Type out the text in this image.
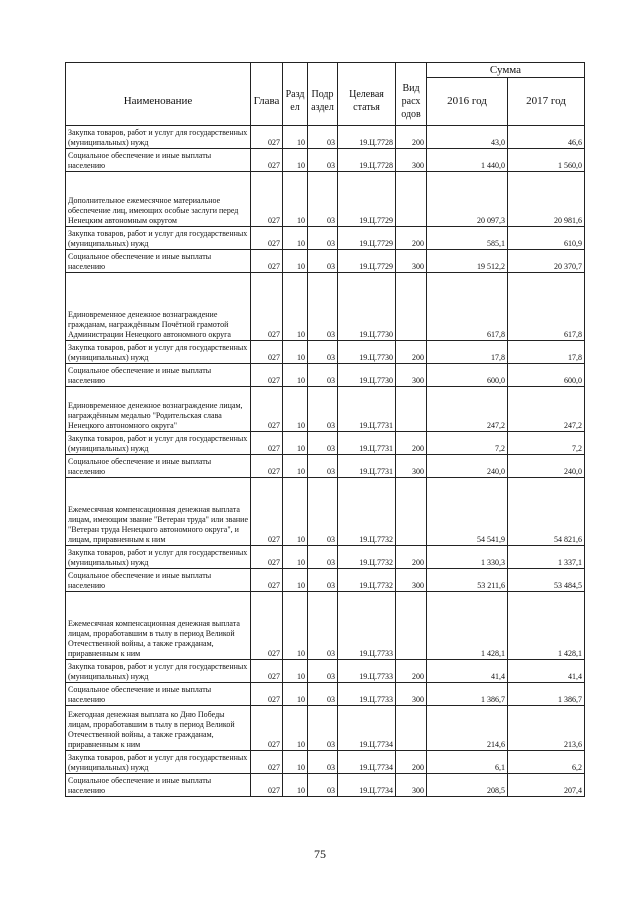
						Сумма	
Наименование	Глава	Разд ел	Подр аздел	Целевая статья	Вид расх одов	2016 год	2017 год
Закупка товаров, работ и услуг для государственных (муниципальных) нужд	027	10	03	19.Ц.7728	200	43,0	46,6
Социальное обеспечение и иные выплаты населению	027	10	03	19.Ц.7728	300	1 440,0	1 560,0
Дополнительное ежемесячное материальное обеспечение лиц, имеющих особые заслуги перед Ненецким автономным округом	027	10	03	19.Ц.7729		20 097,3	20 981,6
Закупка товаров, работ и услуг для государственных (муниципальных) нужд	027	10	03	19.Ц.7729	200	585,1	610,9
Социальное обеспечение и иные выплаты населению	027	10	03	19.Ц.7729	300	19 512,2	20 370,7
Единовременное денежное вознаграждение гражданам, награждённым Почётной грамотой Администрации Ненецкого автономного округа	027	10	03	19.Ц.7730		617,8	617,8
Закупка товаров, работ и услуг для государственных (муниципальных) нужд	027	10	03	19.Ц.7730	200	17,8	17,8
Социальное обеспечение и иные выплаты населению	027	10	03	19.Ц.7730	300	600,0	600,0
Единовременное денежное вознаграждение лицам, награждённым медалью "Родительская слава Ненецкого автономного округа"	027	10	03	19.Ц.7731		247,2	247,2
Закупка товаров, работ и услуг для государственных (муниципальных) нужд	027	10	03	19.Ц.7731	200	7,2	7,2
Социальное обеспечение и иные выплаты населению	027	10	03	19.Ц.7731	300	240,0	240,0
Ежемесячная компенсационная денежная выплата лицам, имеющим звание "Ветеран труда" или звание "Ветеран труда Ненецкого автономного округа", и лицам, приравненным к ним	027	10	03	19.Ц.7732		54 541,9	54 821,6
Закупка товаров, работ и услуг для государственных (муниципальных) нужд	027	10	03	19.Ц.7732	200	1 330,3	1 337,1
Социальное обеспечение и иные выплаты населению	027	10	03	19.Ц.7732	300	53 211,6	53 484,5
Ежемесячная компенсационная денежная выплата лицам, проработавшим в тылу в период Великой Отечественной войны, а также гражданам, приравненным к ним	027	10	03	19.Ц.7733		1 428,1	1 428,1
Закупка товаров, работ и услуг для государственных (муниципальных) нужд	027	10	03	19.Ц.7733	200	41,4	41,4
Социальное обеспечение и иные выплаты населению	027	10	03	19.Ц.7733	300	1 386,7	1 386,7
Ежегодная денежная выплата ко Дню Победы лицам, проработавшим в тылу в период Великой Отечественной войны, а также гражданам, приравненным к ним	027	10	03	19.Ц.7734		214,6	213,6
Закупка товаров, работ и услуг для государственных (муниципальных) нужд	027	10	03	19.Ц.7734	200	6,1	6,2
Социальное обеспечение и иные выплаты населению	027	10	03	19.Ц.7734	300	208,5	207,4
75
